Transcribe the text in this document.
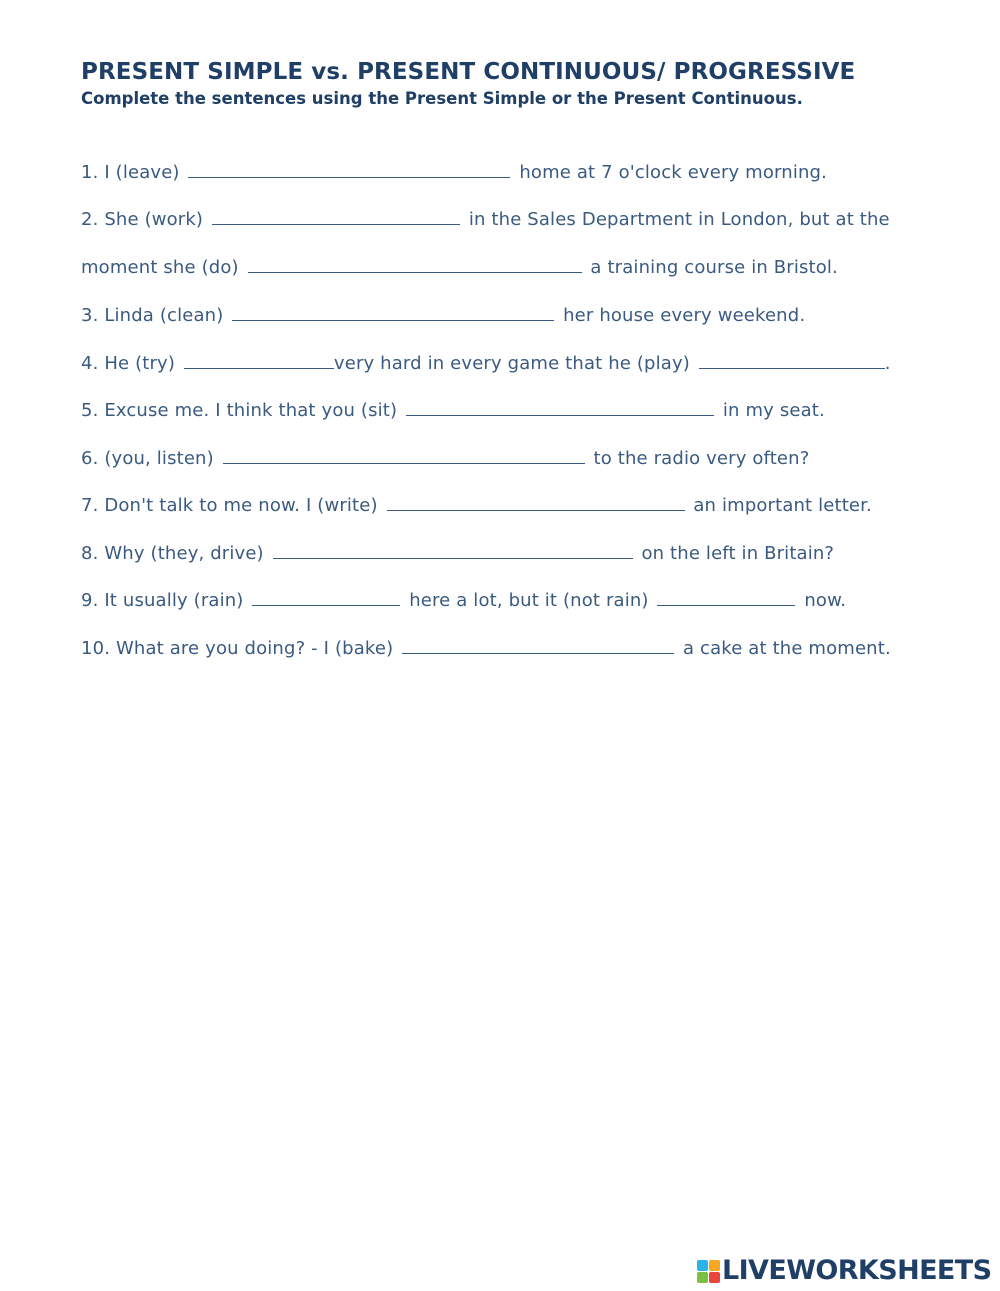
PRESENT SIMPLE vs. PRESENT CONTINUOUS/ PROGRESSIVE
Complete the sentences using the Present Simple or the Present Continuous.
1. I (leave)	home at 7 o'clock every morning.
2. She (work)	in the Sales Department in London, but at the
moment she (do)	a training course in Bristol.
3. Linda (clean)	her house every weekend.
4. He (try)	very hard in every game that he (play)	.
5. Excuse me. I think that you (sit)	in my seat.
6. (you, listen)	to the radio very often?
7. Don't talk to me now. I (write)	an important letter.
8. Why (they, drive)	on the left in Britain?
9. It usually (rain)	here a lot, but it (not rain)	now.
10. What are you doing? - I (bake)	a cake at the moment.
LIVEWORKSHEETS
